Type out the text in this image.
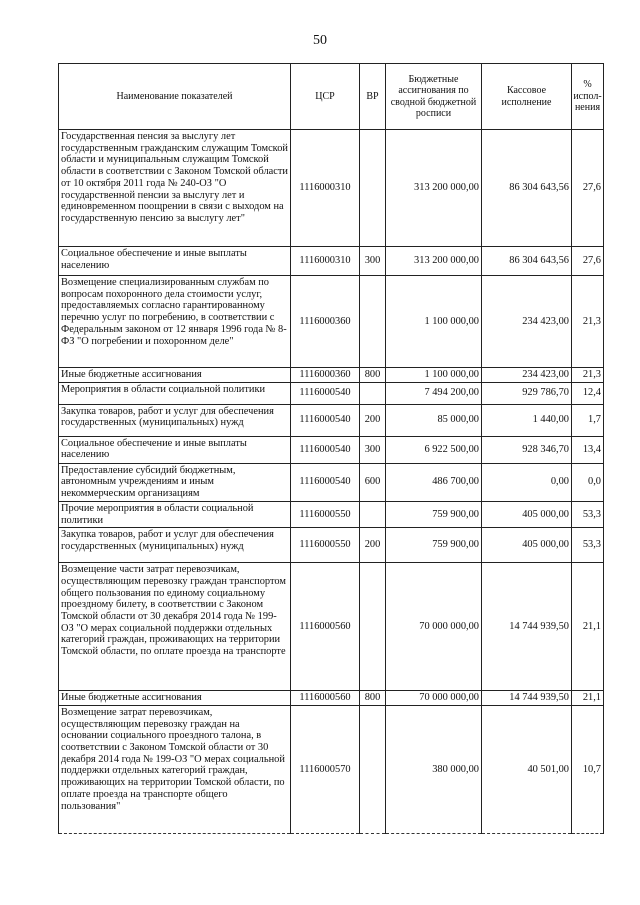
50
Наименование показателей	ЦСР	ВР	Бюджетные ассигнования по сводной бюджетной росписи	Кассовое исполнение	% испол-нения
Государственная пенсия за выслугу лет государственным гражданским служащим Томской области и муниципальным служащим Томской области в соответствии с Законом Томской области от 10 октября 2011 года № 240-ОЗ "О государственной пенсии за выслугу лет и единовременном поощрении в связи с выходом на государственную пенсию за выслугу лет"	1116000310		313 200 000,00	86 304 643,56	27,6
Социальное обеспечение и иные выплаты населению	1116000310	300	313 200 000,00	86 304 643,56	27,6
Возмещение специализированным службам по вопросам похоронного дела стоимости услуг, предоставляемых согласно гарантированному перечню услуг по погребению, в соответствии с Федеральным законом от 12 января 1996 года № 8-ФЗ "О погребении и похоронном деле"	1116000360		1 100 000,00	234 423,00	21,3
Иные бюджетные ассигнования	1116000360	800	1 100 000,00	234 423,00	21,3
Мероприятия в области социальной политики	1116000540		7 494 200,00	929 786,70	12,4
Закупка товаров, работ и услуг для обеспечения государственных (муниципальных) нужд	1116000540	200	85 000,00	1 440,00	1,7
Социальное обеспечение и иные выплаты населению	1116000540	300	6 922 500,00	928 346,70	13,4
Предоставление субсидий бюджетным, автономным учреждениям и иным некоммерческим организациям	1116000540	600	486 700,00	0,00	0,0
Прочие мероприятия в области социальной политики	1116000550		759 900,00	405 000,00	53,3
Закупка товаров, работ и услуг для обеспечения государственных (муниципальных) нужд	1116000550	200	759 900,00	405 000,00	53,3
Возмещение части затрат перевозчикам, осуществляющим перевозку граждан транспортом общего пользования по единому социальному проездному билету, в соответствии с Законом Томской области от 30 декабря 2014 года № 199-ОЗ "О мерах социальной поддержки отдельных категорий граждан, проживающих на территории Томской области, по оплате проезда на транспорте	1116000560		70 000 000,00	14 744 939,50	21,1
Иные бюджетные ассигнования	1116000560	800	70 000 000,00	14 744 939,50	21,1
Возмещение затрат перевозчикам, осуществляющим перевозку граждан на основании социального проездного талона, в соответствии с Законом Томской области от 30 декабря 2014 года № 199-ОЗ "О мерах социальной поддержки отдельных категорий граждан, проживающих на территории Томской области, по оплате проезда на транспорте общего пользования"	1116000570		380 000,00	40 501,00	10,7
